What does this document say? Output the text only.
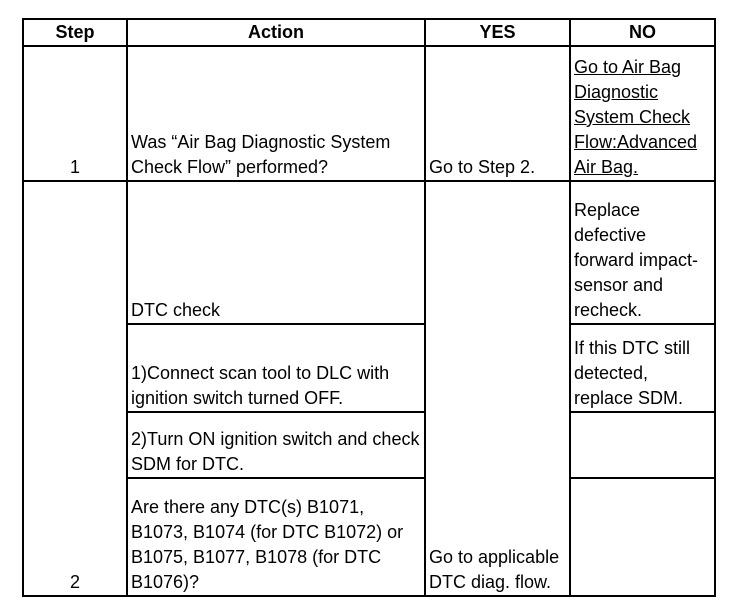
Step	Action	YES	NO
1	Was “Air Bag Diagnostic System Check Flow” performed?	Go to Step 2.	Go to Air Bag Diagnostic System Check Flow:Advanced Air Bag.
2	DTC check	Go to applicable DTC diag. flow.	Replace defective forward impact-sensor and recheck.
	1)Connect scan tool to DLC with ignition switch turned OFF.		If this DTC still detected, replace SDM.
	2)Turn ON ignition switch and check SDM for DTC.		
	Are there any DTC(s) B1071, B1073, B1074 (for DTC B1072) or B1075, B1077, B1078 (for DTC B1076)?		
